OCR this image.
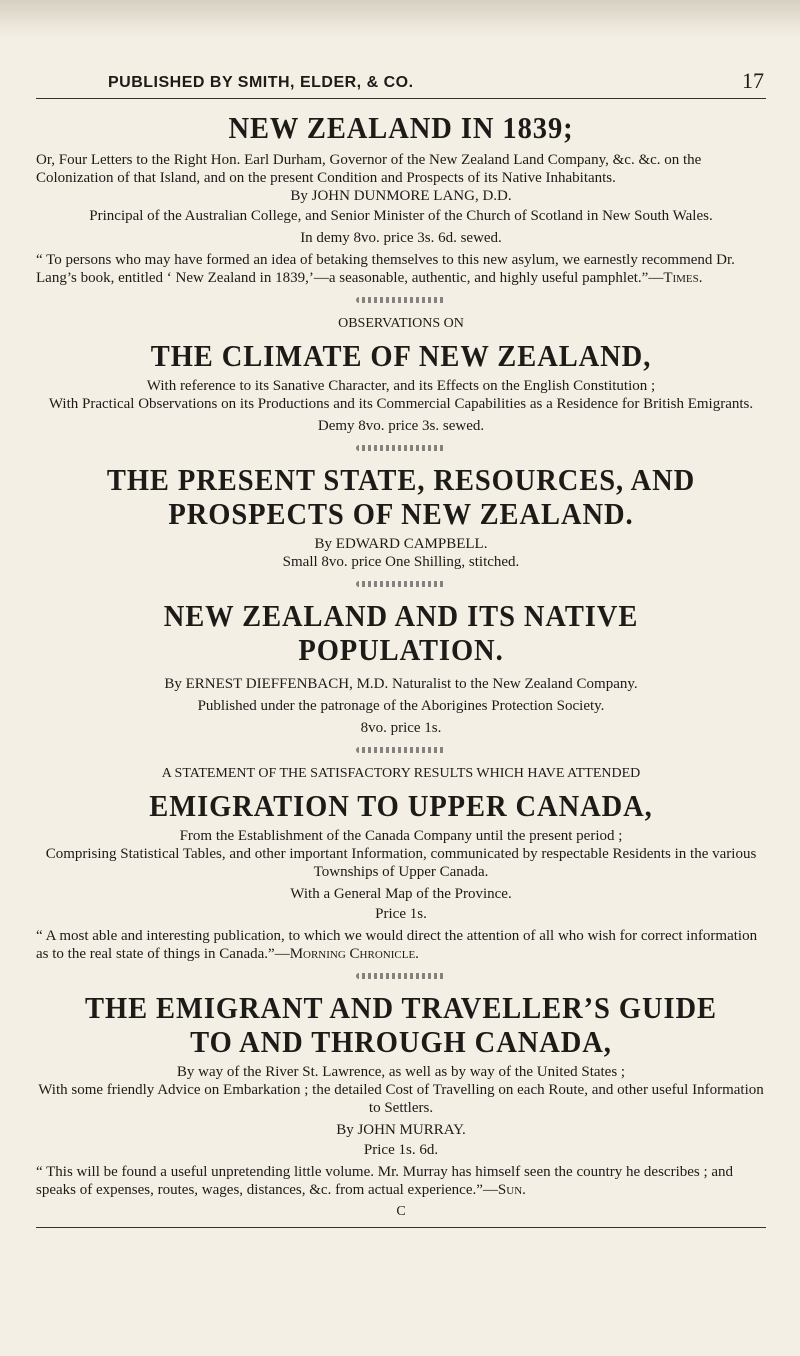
PUBLISHED BY SMITH, ELDER, & CO.	17
NEW ZEALAND IN 1839;
Or, Four Letters to the Right Hon. Earl Durham, Governor of the New Zealand Land Company, &c. &c. on the Colonization of that Island, and on the present Condition and Prospects of its Native Inhabitants.
By JOHN DUNMORE LANG, D.D.
Principal of the Australian College, and Senior Minister of the Church of Scotland in New South Wales.
In demy 8vo. price 3s. 6d. sewed.
“ To persons who may have formed an idea of betaking themselves to this new asylum, we earnestly recommend Dr. Lang’s book, entitled ‘ New Zealand in 1839,’—a seasonable, authentic, and highly useful pamphlet.”—Times.
OBSERVATIONS ON
THE CLIMATE OF NEW ZEALAND,
With reference to its Sanative Character, and its Effects on the English Constitution ;
With Practical Observations on its Productions and its Commercial Capabilities as a Residence for British Emigrants.
Demy 8vo. price 3s. sewed.
THE PRESENT STATE, RESOURCES, AND PROSPECTS OF NEW ZEALAND.
By EDWARD CAMPBELL.
Small 8vo. price One Shilling, stitched.
NEW ZEALAND AND ITS NATIVE POPULATION.
By ERNEST DIEFFENBACH, M.D. Naturalist to the New Zealand Company.
Published under the patronage of the Aborigines Protection Society.
8vo. price 1s.
A STATEMENT OF THE SATISFACTORY RESULTS WHICH HAVE ATTENDED
EMIGRATION TO UPPER CANADA,
From the Establishment of the Canada Company until the present period ;
Comprising Statistical Tables, and other important Information, communicated by respectable Residents in the various Townships of Upper Canada.
With a General Map of the Province.
Price 1s.
“ A most able and interesting publication, to which we would direct the attention of all who wish for correct information as to the real state of things in Canada.”—Morning Chronicle.
THE EMIGRANT AND TRAVELLER’S GUIDE TO AND THROUGH CANADA,
By way of the River St. Lawrence, as well as by way of the United States ;
With some friendly Advice on Embarkation ; the detailed Cost of Travelling on each Route, and other useful Information to Settlers.
By JOHN MURRAY.
Price 1s. 6d.
“ This will be found a useful unpretending little volume. Mr. Murray has himself seen the country he describes ; and speaks of expenses, routes, wages, distances, &c. from actual experience.”—Sun.
C
